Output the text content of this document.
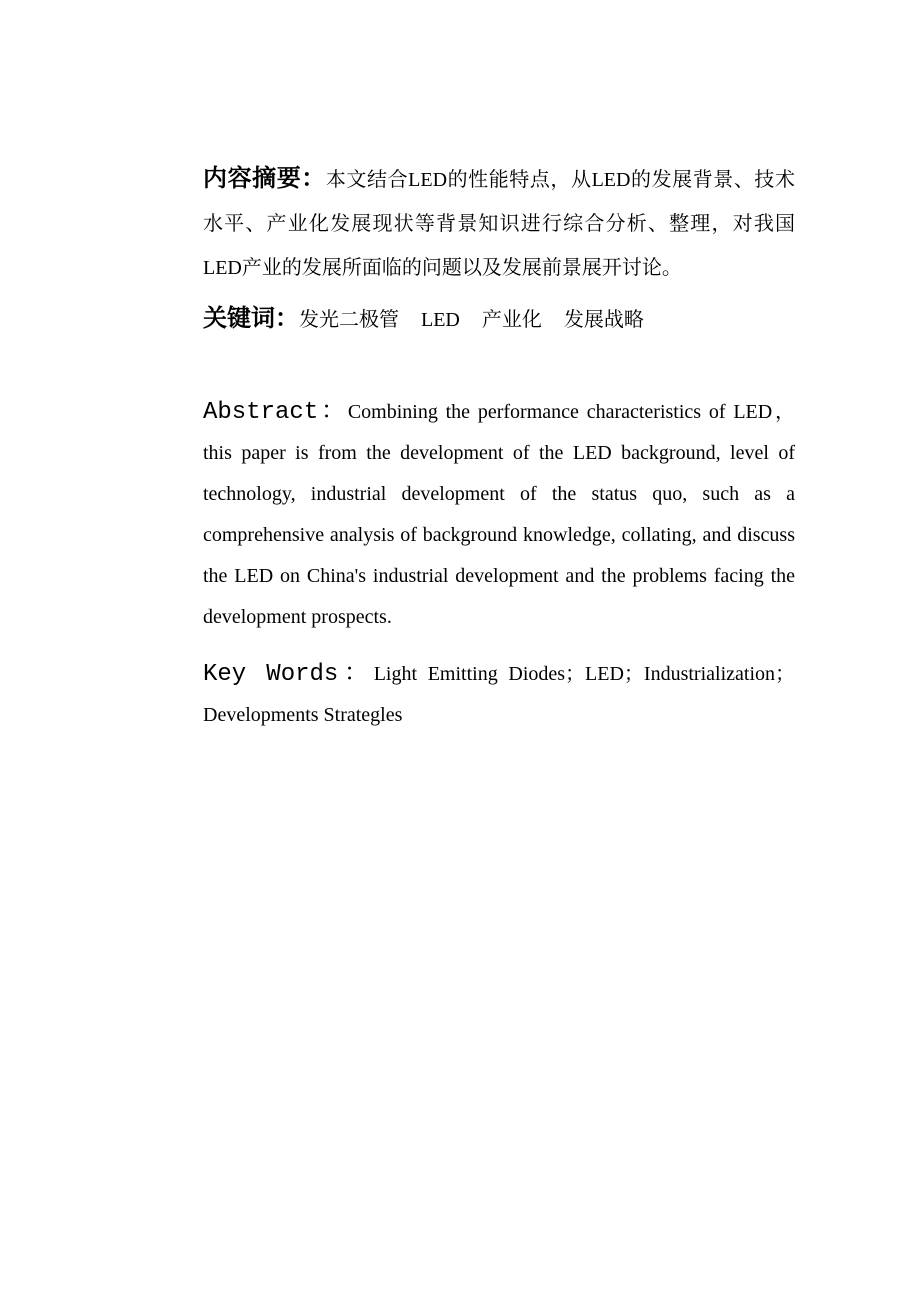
内容摘要：本文结合LED的性能特点，从LED的发展背景、技术水平、产业化发展现状等背景知识进行综合分析、整理，对我国LED产业的发展所面临的问题以及发展前景展开讨论。
关键词：发光二极管 LED 产业化 发展战略
Abstract：Combining the performance characteristics of LED，this paper is from the development of the LED background, level of technology, industrial development of the status quo, such as a comprehensive analysis of background knowledge, collating, and discuss the LED on China's industrial development and the problems facing the development prospects.
Key Words：Light Emitting Diodes；LED；Industrialization；Developments Strategles
